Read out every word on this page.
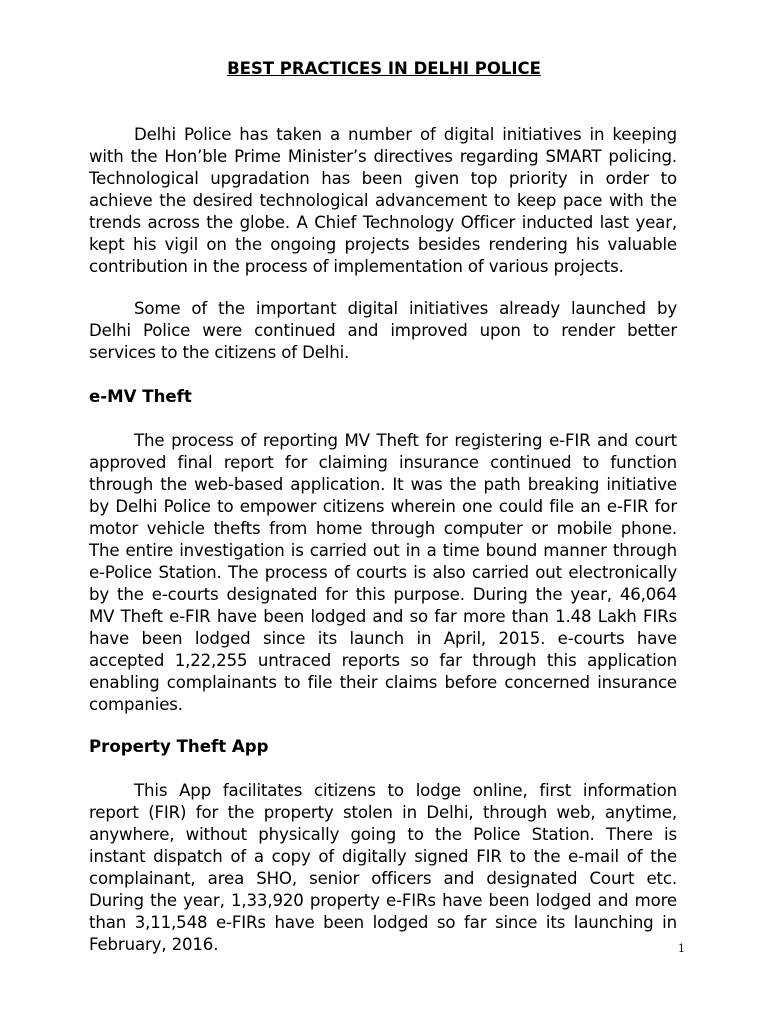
BEST PRACTICES IN DELHI POLICE

Delhi Police has taken a number of digital initiatives in keeping with the Hon’ble Prime Minister’s directives regarding SMART policing. Technological upgradation has been given top priority in order to achieve the desired technological advancement to keep pace with the trends across the globe. A Chief Technology Officer inducted last year, kept his vigil on the ongoing projects besides rendering his valuable contribution in the process of implementation of various projects.

Some of the important digital initiatives already launched by Delhi Police were continued and improved upon to render better services to the citizens of Delhi.

e-MV Theft

The process of reporting MV Theft for registering e-FIR and court approved final report for claiming insurance continued to function through the web-based application. It was the path breaking initiative by Delhi Police to empower citizens wherein one could file an e-FIR for motor vehicle thefts from home through computer or mobile phone. The entire investigation is carried out in a time bound manner through e-Police Station. The process of courts is also carried out electronically by the e-courts designated for this purpose. During the year, 46,064 MV Theft e-FIR have been lodged and so far more than 1.48 Lakh FIRs have been lodged since its launch in April, 2015. e-courts have accepted 1,22,255 untraced reports so far through this application enabling complainants to file their claims before concerned insurance companies.

Property Theft App

This App facilitates citizens to lodge online, first information report (FIR) for the property stolen in Delhi, through web, anytime, anywhere, without physically going to the Police Station. There is instant dispatch of a copy of digitally signed FIR to the e-mail of the complainant, area SHO, senior officers and designated Court etc. During the year, 1,33,920 property e-FIRs have been lodged and more than 3,11,548 e-FIRs have been lodged so far since its launching in February, 2016.	1
